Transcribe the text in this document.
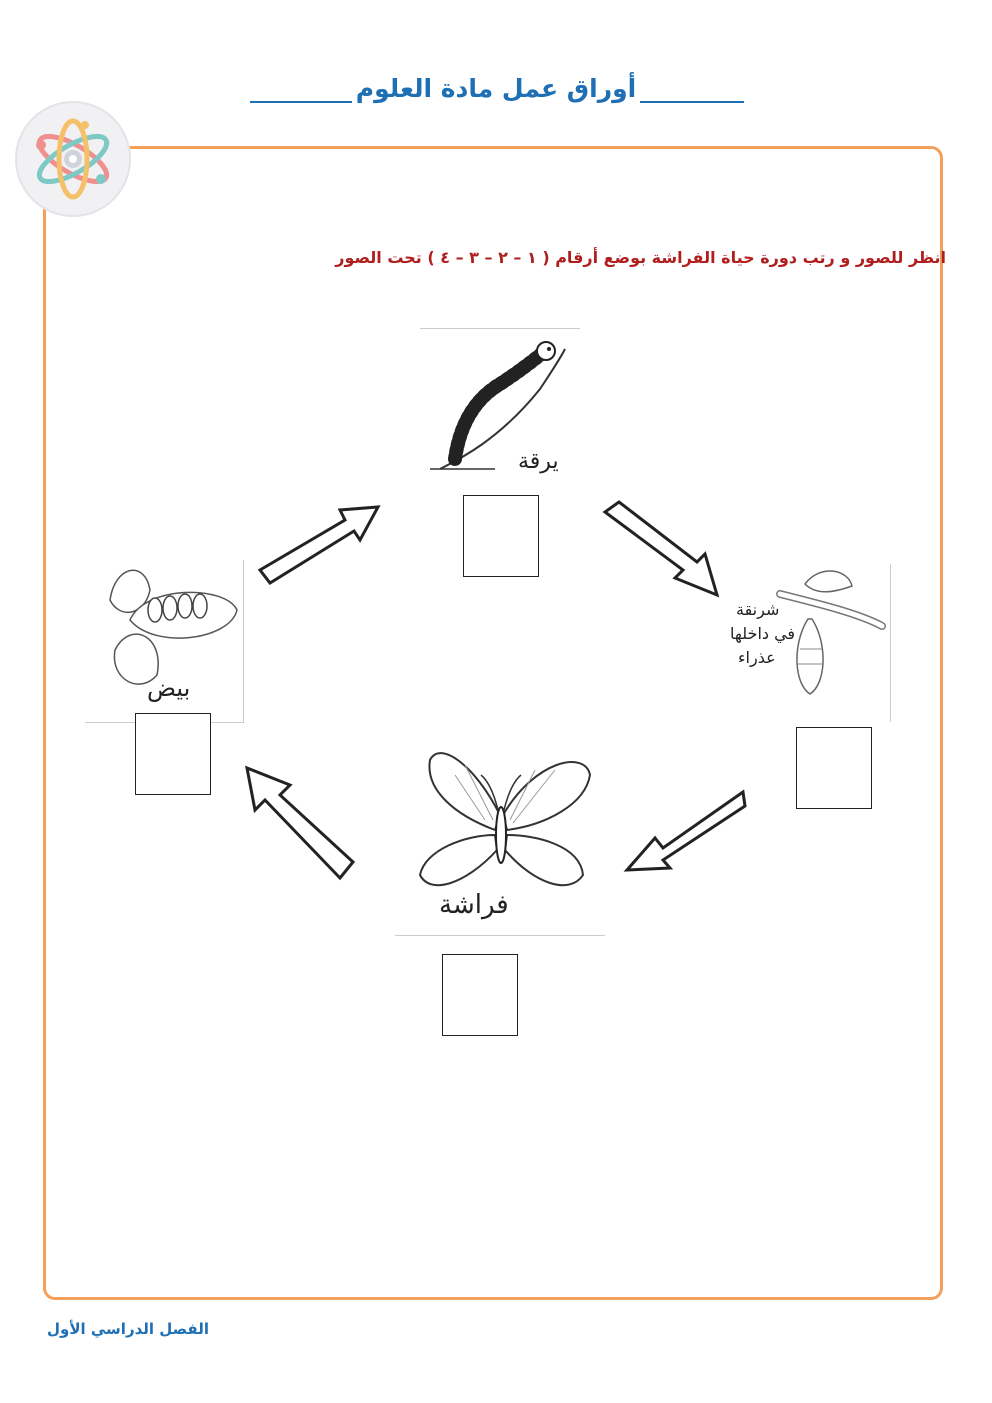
أوراق عمل مادة العلوم
انظر للصور و رتب دورة حياة الفراشة بوضع أرقام ( ١ – ٢ – ٣ – ٤ ) تحت الصور
يرقة
شرنقة
في داخلها
عذراء
فراشة
بيض
الفصل الدراسي الأول
